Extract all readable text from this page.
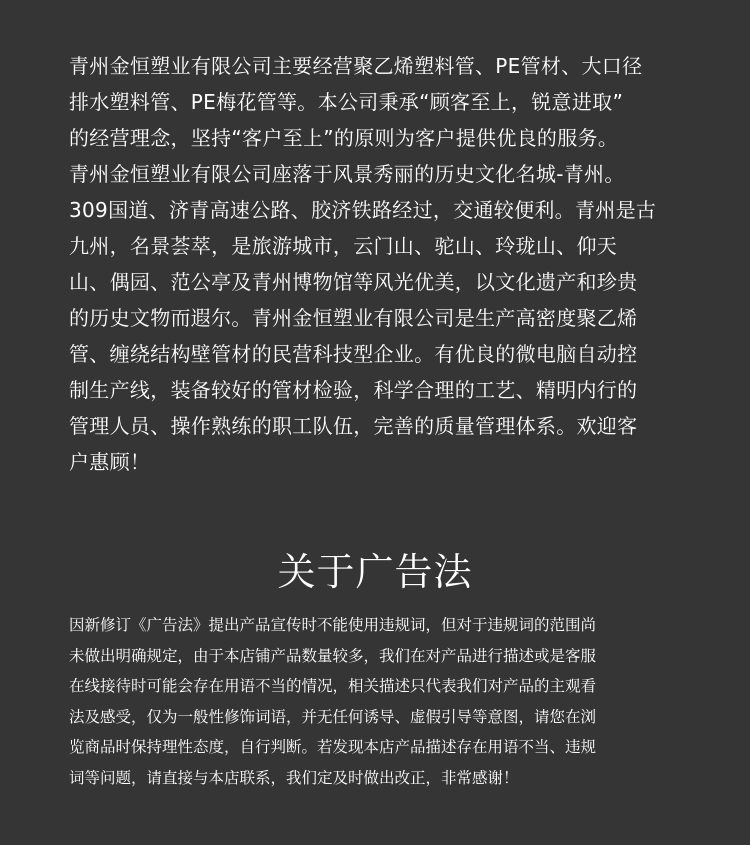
青州金恒塑业有限公司主要经营聚乙烯塑料管、PE管材、大口径
排水塑料管、PE梅花管等。本公司秉承“顾客至上，锐意进取”
的经营理念，坚持“客户至上”的原则为客户提供优良的服务。
青州金恒塑业有限公司座落于风景秀丽的历史文化名城-青州。
309国道、济青高速公路、胶济铁路经过，交通较便利。青州是古
九州，名景荟萃，是旅游城市，云门山、驼山、玲珑山、仰天
山、偶园、范公亭及青州博物馆等风光优美，以文化遗产和珍贵
的历史文物而遐尔。青州金恒塑业有限公司是生产高密度聚乙烯
管、缠绕结构壁管材的民营科技型企业。有优良的微电脑自动控
制生产线，装备较好的管材检验，科学合理的工艺、精明内行的
管理人员、操作熟练的职工队伍，完善的质量管理体系。欢迎客
户惠顾！

关于广告法

因新修订《广告法》提出产品宣传时不能使用违规词，但对于违规词的范围尚
未做出明确规定，由于本店铺产品数量较多，我们在对产品进行描述或是客服
在线接待时可能会存在用语不当的情况，相关描述只代表我们对产品的主观看
法及感受，仅为一般性修饰词语，并无任何诱导、虚假引导等意图，请您在浏
览商品时保持理性态度，自行判断。若发现本店产品描述存在用语不当、违规
词等问题，请直接与本店联系，我们定及时做出改正，非常感谢！
